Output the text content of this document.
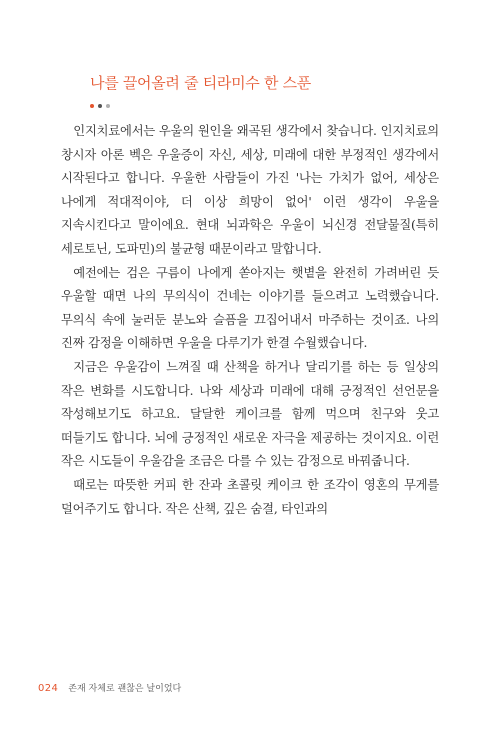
나를 끌어올려 줄 티라미수 한 스푼

인지치료에서는 우울의 원인을 왜곡된 생각에서 찾습니다. 인지치료의 창시자 아론 벡은 우울증이 자신, 세상, 미래에 대한 부정적인 생각에서 시작된다고 합니다. 우울한 사람들이 가진 '나는 가치가 없어, 세상은 나에게 적대적이야, 더 이상 희망이 없어' 이런 생각이 우울을 지속시킨다고 말이에요. 현대 뇌과학은 우울이 뇌신경 전달물질(특히 세로토닌, 도파민)의 불균형 때문이라고 말합니다.

예전에는 검은 구름이 나에게 쏟아지는 햇볕을 완전히 가려버린 듯 우울할 때면 나의 무의식이 건네는 이야기를 들으려고 노력했습니다. 무의식 속에 눌러둔 분노와 슬픔을 끄집어내서 마주하는 것이죠. 나의 진짜 감정을 이해하면 우울을 다루기가 한결 수월했습니다.

지금은 우울감이 느껴질 때 산책을 하거나 달리기를 하는 등 일상의 작은 변화를 시도합니다. 나와 세상과 미래에 대해 긍정적인 선언문을 작성해보기도 하고요. 달달한 케이크를 함께 먹으며 친구와 웃고 떠들기도 합니다. 뇌에 긍정적인 새로운 자극을 제공하는 것이지요. 이런 작은 시도들이 우울감을 조금은 다를 수 있는 감정으로 바꿔줍니다.

때로는 따뜻한 커피 한 잔과 초콜릿 케이크 한 조각이 영혼의 무게를 덜어주기도 합니다. 작은 산책, 깊은 숨결, 타인과의

024 존재 자체로 괜찮은 날이었다
